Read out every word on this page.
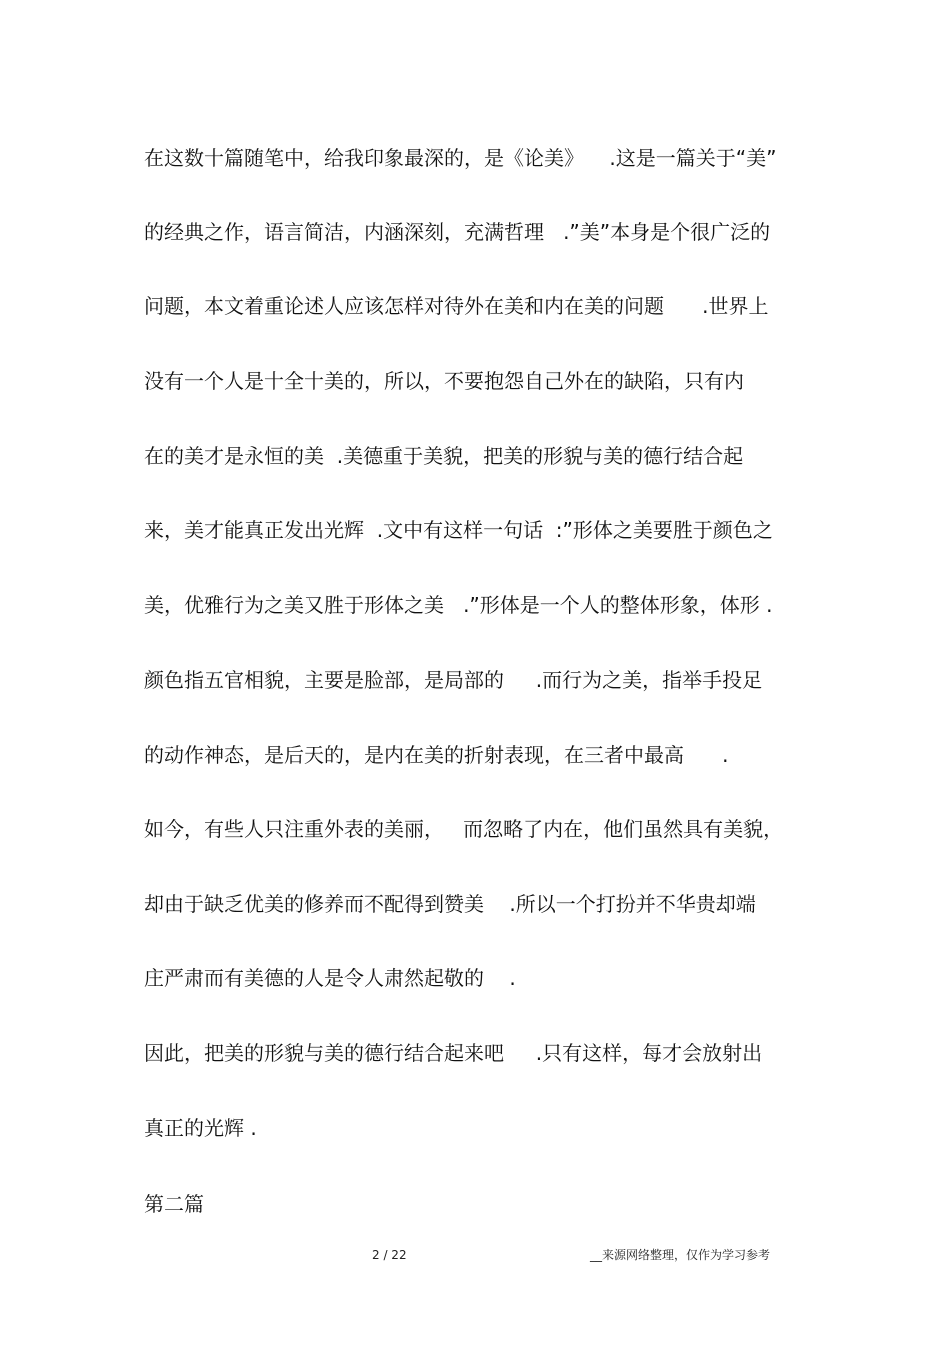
在这数十篇随笔中，给我印象最深的，是《论美》    .这是一篇关于“美”
的经典之作，语言简洁，内涵深刻，充满哲理   .”美”本身是个很广泛的
问题，本文着重论述人应该怎样对待外在美和内在美的问题      .世界上
没有一个人是十全十美的，所以，不要抱怨自己外在的缺陷，只有内
在的美才是永恒的美  .美德重于美貌，把美的形貌与美的德行结合起
来，美才能真正发出光辉  .文中有这样一句话  :”形体之美要胜于颜色之
美，优雅行为之美又胜于形体之美   .”形体是一个人的整体形象，体形 .
颜色指五官相貌，主要是脸部，是局部的     .而行为之美，指举手投足
的动作神态，是后天的，是内在美的折射表现，在三者中最高      .
如今，有些人只注重外表的美丽，   而忽略了内在，他们虽然具有美貌，
却由于缺乏优美的修养而不配得到赞美    .所以一个打扮并不华贵却端
庄严肃而有美德的人是令人肃然起敬的    .
因此，把美的形貌与美的德行结合起来吧     .只有这样，每才会放射出
真正的光辉 .
第二篇
2 / 22	__来源网络整理，仅作为学习参考
